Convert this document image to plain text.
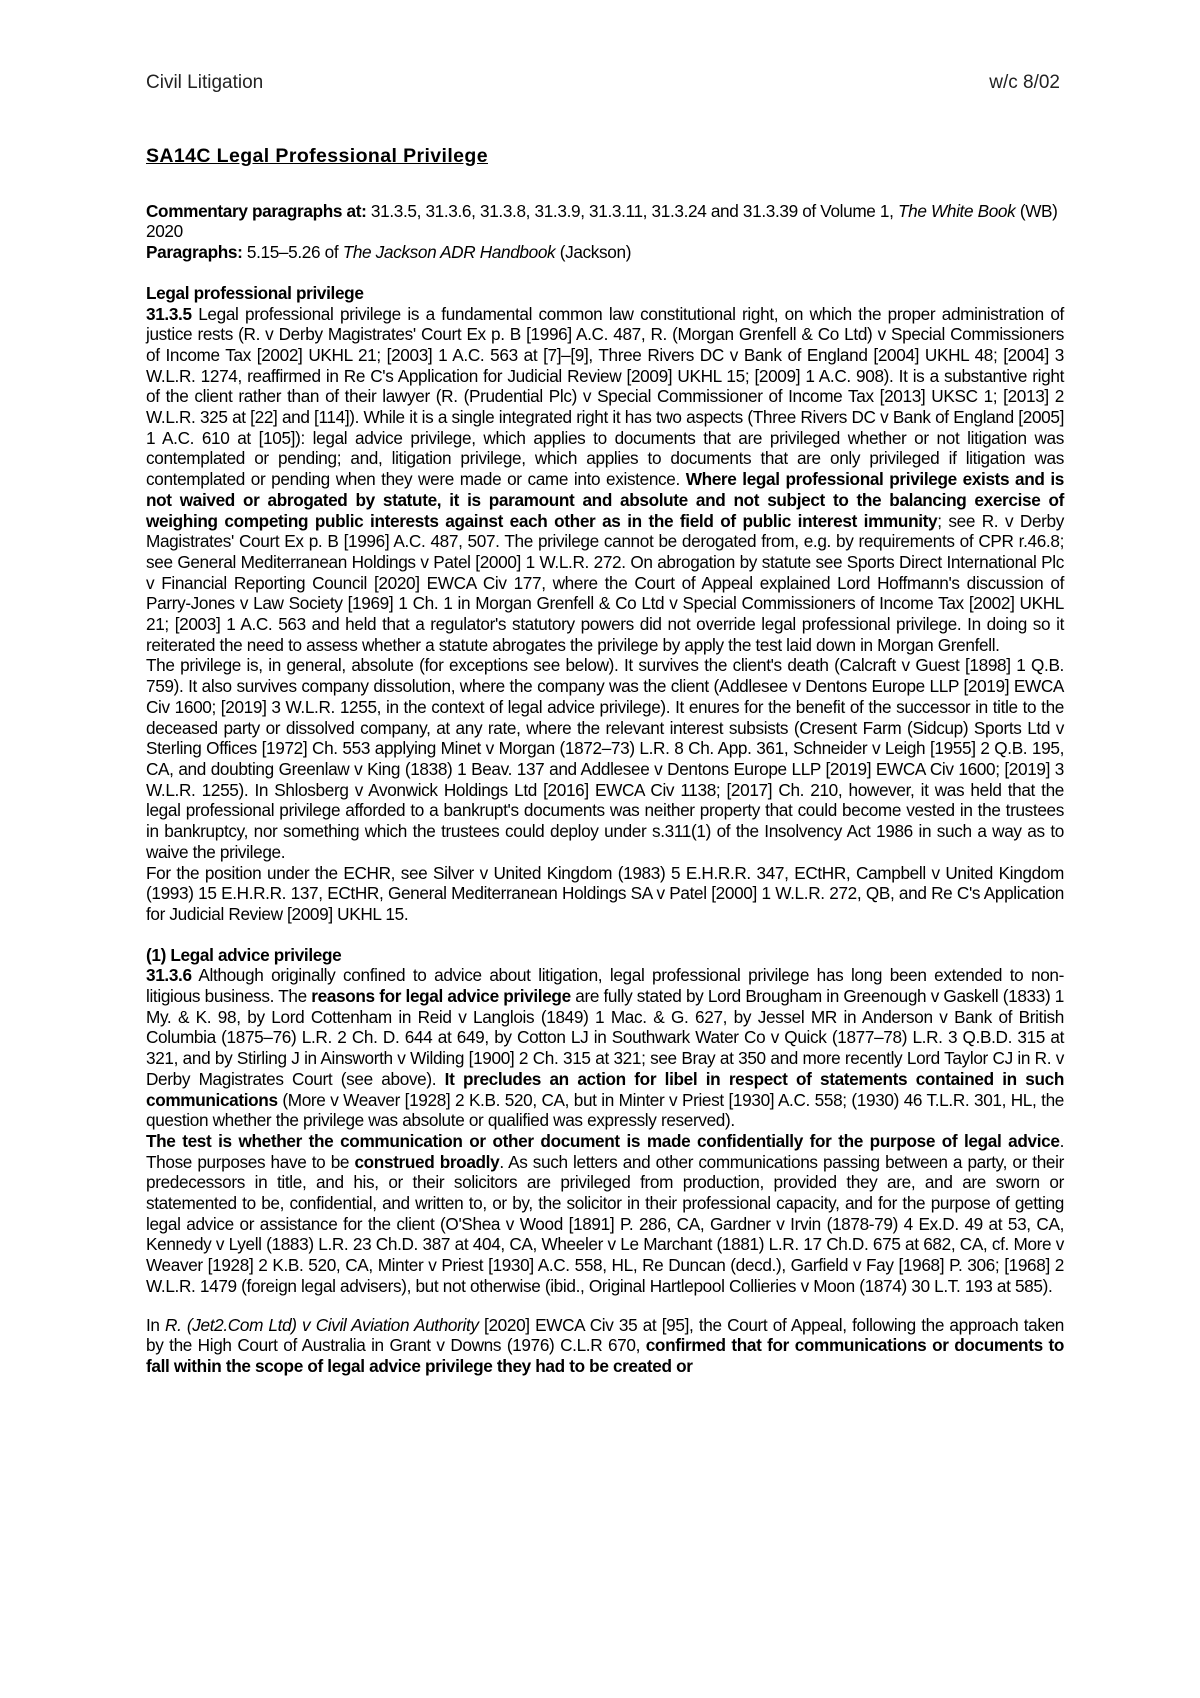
Civil Litigation	w/c 8/02
SA14C Legal Professional Privilege

Commentary paragraphs at: 31.3.5, 31.3.6, 31.3.8, 31.3.9, 31.3.11, 31.3.24 and 31.3.39 of Volume 1, The White Book (WB) 2020

Paragraphs: 5.15–5.26 of The Jackson ADR Handbook (Jackson)

Legal professional privilege

31.3.5 Legal professional privilege is a fundamental common law constitutional right, on which the proper administration of justice rests (R. v Derby Magistrates' Court Ex p. B [1996] A.C. 487, R. (Morgan Grenfell & Co Ltd) v Special Commissioners of Income Tax [2002] UKHL 21; [2003] 1 A.C. 563 at [7]–[9], Three Rivers DC v Bank of England [2004] UKHL 48; [2004] 3 W.L.R. 1274, reaffirmed in Re C's Application for Judicial Review [2009] UKHL 15; [2009] 1 A.C. 908). It is a substantive right of the client rather than of their lawyer (R. (Prudential Plc) v Special Commissioner of Income Tax [2013] UKSC 1; [2013] 2 W.L.R. 325 at [22] and [114]). While it is a single integrated right it has two aspects (Three Rivers DC v Bank of England [2005] 1 A.C. 610 at [105]): legal advice privilege, which applies to documents that are privileged whether or not litigation was contemplated or pending; and, litigation privilege, which applies to documents that are only privileged if litigation was contemplated or pending when they were made or came into existence. Where legal professional privilege exists and is not waived or abrogated by statute, it is paramount and absolute and not subject to the balancing exercise of weighing competing public interests against each other as in the field of public interest immunity; see R. v Derby Magistrates' Court Ex p. B [1996] A.C. 487, 507. The privilege cannot be derogated from, e.g. by requirements of CPR r.46.8; see General Mediterranean Holdings v Patel [2000] 1 W.L.R. 272. On abrogation by statute see Sports Direct International Plc v Financial Reporting Council [2020] EWCA Civ 177, where the Court of Appeal explained Lord Hoffmann's discussion of Parry-Jones v Law Society [1969] 1 Ch. 1 in Morgan Grenfell & Co Ltd v Special Commissioners of Income Tax [2002] UKHL 21; [2003] 1 A.C. 563 and held that a regulator's statutory powers did not override legal professional privilege. In doing so it reiterated the need to assess whether a statute abrogates the privilege by apply the test laid down in Morgan Grenfell.

The privilege is, in general, absolute (for exceptions see below). It survives the client's death (Calcraft v Guest [1898] 1 Q.B. 759). It also survives company dissolution, where the company was the client (Addlesee v Dentons Europe LLP [2019] EWCA Civ 1600; [2019] 3 W.L.R. 1255, in the context of legal advice privilege). It enures for the benefit of the successor in title to the deceased party or dissolved company, at any rate, where the relevant interest subsists (Cresent Farm (Sidcup) Sports Ltd v Sterling Offices [1972] Ch. 553 applying Minet v Morgan (1872–73) L.R. 8 Ch. App. 361, Schneider v Leigh [1955] 2 Q.B. 195, CA, and doubting Greenlaw v King (1838) 1 Beav. 137 and Addlesee v Dentons Europe LLP [2019] EWCA Civ 1600; [2019] 3 W.L.R. 1255). In Shlosberg v Avonwick Holdings Ltd [2016] EWCA Civ 1138; [2017] Ch. 210, however, it was held that the legal professional privilege afforded to a bankrupt's documents was neither property that could become vested in the trustees in bankruptcy, nor something which the trustees could deploy under s.311(1) of the Insolvency Act 1986 in such a way as to waive the privilege.

For the position under the ECHR, see Silver v United Kingdom (1983) 5 E.H.R.R. 347, ECtHR, Campbell v United Kingdom (1993) 15 E.H.R.R. 137, ECtHR, General Mediterranean Holdings SA v Patel [2000] 1 W.L.R. 272, QB, and Re C's Application for Judicial Review [2009] UKHL 15.

(1) Legal advice privilege

31.3.6 Although originally confined to advice about litigation, legal professional privilege has long been extended to non-litigious business. The reasons for legal advice privilege are fully stated by Lord Brougham in Greenough v Gaskell (1833) 1 My. & K. 98, by Lord Cottenham in Reid v Langlois (1849) 1 Mac. & G. 627, by Jessel MR in Anderson v Bank of British Columbia (1875–76) L.R. 2 Ch. D. 644 at 649, by Cotton LJ in Southwark Water Co v Quick (1877–78) L.R. 3 Q.B.D. 315 at 321, and by Stirling J in Ainsworth v Wilding [1900] 2 Ch. 315 at 321; see Bray at 350 and more recently Lord Taylor CJ in R. v Derby Magistrates Court (see above). It precludes an action for libel in respect of statements contained in such communications (More v Weaver [1928] 2 K.B. 520, CA, but in Minter v Priest [1930] A.C. 558; (1930) 46 T.L.R. 301, HL, the question whether the privilege was absolute or qualified was expressly reserved).

The test is whether the communication or other document is made confidentially for the purpose of legal advice. Those purposes have to be construed broadly. As such letters and other communications passing between a party, or their predecessors in title, and his, or their solicitors are privileged from production, provided they are, and are sworn or statemented to be, confidential, and written to, or by, the solicitor in their professional capacity, and for the purpose of getting legal advice or assistance for the client (O'Shea v Wood [1891] P. 286, CA, Gardner v Irvin (1878-79) 4 Ex.D. 49 at 53, CA, Kennedy v Lyell (1883) L.R. 23 Ch.D. 387 at 404, CA, Wheeler v Le Marchant (1881) L.R. 17 Ch.D. 675 at 682, CA, cf. More v Weaver [1928] 2 K.B. 520, CA, Minter v Priest [1930] A.C. 558, HL, Re Duncan (decd.), Garfield v Fay [1968] P. 306; [1968] 2 W.L.R. 1479 (foreign legal advisers), but not otherwise (ibid., Original Hartlepool Collieries v Moon (1874) 30 L.T. 193 at 585).

In R. (Jet2.Com Ltd) v Civil Aviation Authority [2020] EWCA Civ 35 at [95], the Court of Appeal, following the approach taken by the High Court of Australia in Grant v Downs (1976) C.L.R 670, confirmed that for communications or documents to fall within the scope of legal advice privilege they had to be created or
